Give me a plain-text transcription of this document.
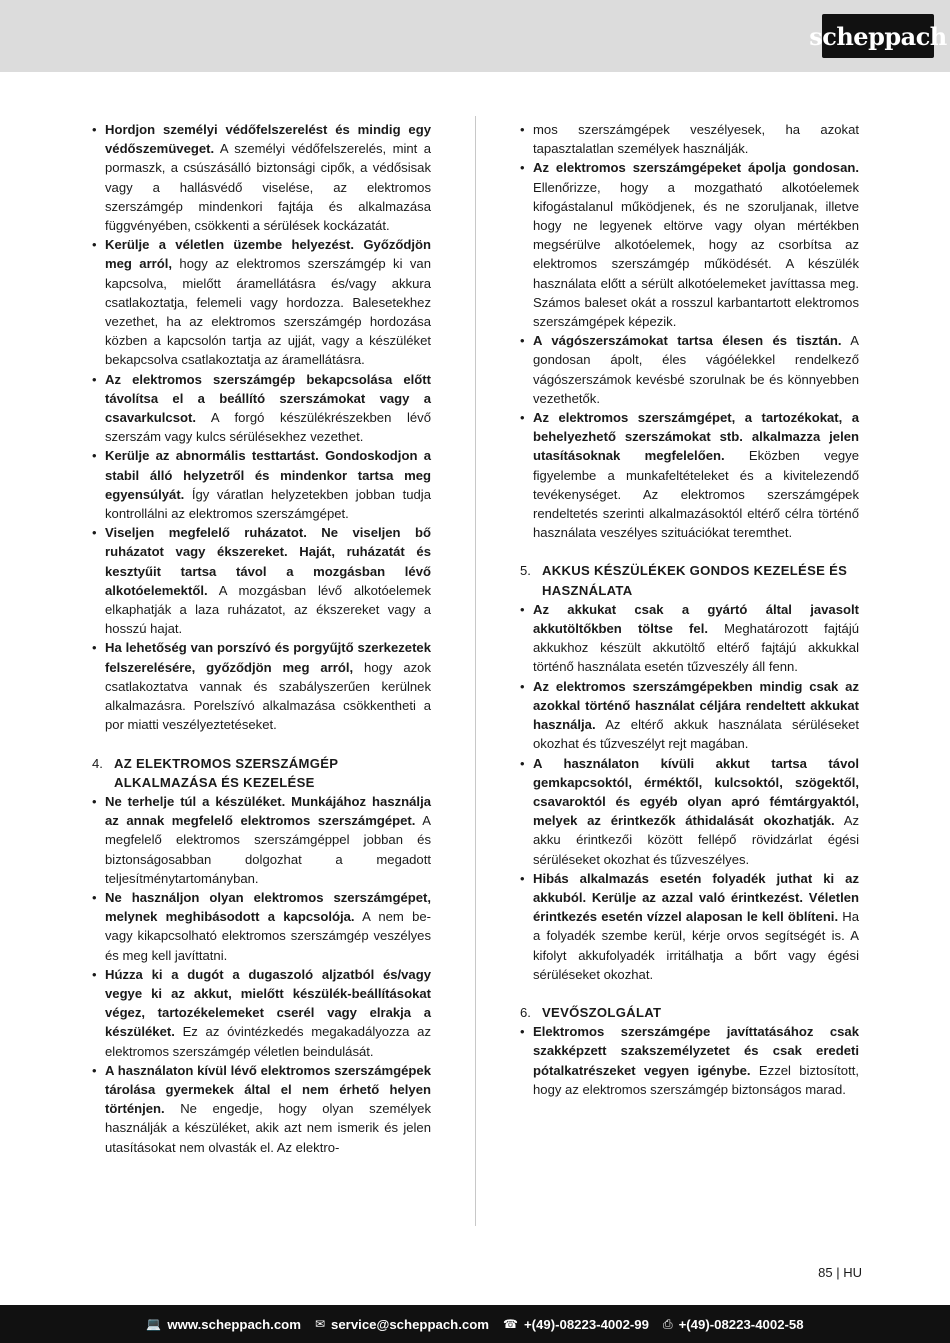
scheppach

• Hordjon személyi védőfelszerelést és mindig egy védőszemüveget. A személyi védőfelszerelés, mint a pormaszk, a csúszásálló biztonsági cipők, a védősisak vagy a hallásvédő viselése, az elektromos szerszámgép mindenkori fajtája és alkalmazása függvényében, csökkenti a sérülések kockázatát.

• Kerülje a véletlen üzembe helyezést. Győződjön meg arról, hogy az elektromos szerszámgép ki van kapcsolva, mielőtt áramellátásra és/vagy akkura csatlakoztatja, felemeli vagy hordozza. Balesetekhez vezethet, ha az elektromos szerszámgép hordozása közben a kapcsolón tartja az ujját, vagy a készüléket bekapcsolva csatlakoztatja az áramellátásra.

• Az elektromos szerszámgép bekapcsolása előtt távolítsa el a beállító szerszámokat vagy a csavarkulcsot. A forgó készülékrészekben lévő szerszám vagy kulcs sérülésekhez vezethet.

• Kerülje az abnormális testtartást. Gondoskodjon a stabil álló helyzetről és mindenkor tartsa meg egyensúlyát. Így váratlan helyzetekben jobban tudja kontrollálni az elektromos szerszámgépet.

• Viseljen megfelelő ruházatot. Ne viseljen bő ruházatot vagy ékszereket. Haját, ruházatát és kesztyűit tartsa távol a mozgásban lévő alkotóelemektől. A mozgásban lévő alkotóelemek elkaphatják a laza ruházatot, az ékszereket vagy a hosszú hajat.

• Ha lehetőség van porszívó és porgyűjtő szerkezetek felszerelésére, győződjön meg arról, hogy azok csatlakoztatva vannak és szabályszerűen kerülnek alkalmazásra. Porelszívó alkalmazása csökkentheti a por miatti veszélyeztetéseket.

4. AZ ELEKTROMOS SZERSZÁMGÉP ALKALMAZÁSA ÉS KEZELÉSE

• Ne terhelje túl a készüléket. Munkájához használja az annak megfelelő elektromos szerszámgépet. A megfelelő elektromos szerszámgéppel jobban és biztonságosabban dolgozhat a megadott teljesítménytartományban.

• Ne használjon olyan elektromos szerszámgépet, melynek meghibásodott a kapcsolója. A nem be- vagy kikapcsolható elektromos szerszámgép veszélyes és meg kell javíttatni.

• Húzza ki a dugót a dugaszoló aljzatból és/vagy vegye ki az akkut, mielőtt készülék-beállításokat végez, tartozékelemeket cserél vagy elrakja a készüléket. Ez az óvintézkedés megakadályozza az elektromos szerszámgép véletlen beindulását.

• A használaton kívül lévő elektromos szerszámgépek tárolása gyermekek által el nem érhető helyen történjen. Ne engedje, hogy olyan személyek használják a készüléket, akik azt nem ismerik és jelen utasításokat nem olvasták el. Az elektro-

• mos szerszámgépek veszélyesek, ha azokat tapasztalatlan személyek használják.

• Az elektromos szerszámgépeket ápolja gondosan. Ellenőrizze, hogy a mozgatható alkotóelemek kifogástalanul működjenek, és ne szoruljanak, illetve hogy ne legyenek eltörve vagy olyan mértékben megsérülve alkotóelemek, hogy az csorbítsa az elektromos szerszámgép működését. A készülék használata előtt a sérült alkotóelemeket javíttassa meg. Számos baleset okát a rosszul karbantartott elektromos szerszámgépek képezik.

• A vágószerszámokat tartsa élesen és tisztán. A gondosan ápolt, éles vágóélekkel rendelkező vágószerszámok kevésbé szorulnak be és könnyebben vezethetők.

• Az elektromos szerszámgépet, a tartozékokat, a behelyezhető szerszámokat stb. alkalmazza jelen utasításoknak megfelelően. Eközben vegye figyelembe a munkafeltételeket és a kivitelezendő tevékenységet. Az elektromos szerszámgépek rendeltetés szerinti alkalmazásoktól eltérő célra történő használata veszélyes szituációkat teremthet.

5. AKKUS KÉSZÜLÉKEK GONDOS KEZELÉSE ÉS HASZNÁLATA

• Az akkukat csak a gyártó által javasolt akkutöltőkben töltse fel. Meghatározott fajtájú akkukhoz készült akkutöltő eltérő fajtájú akkukkal történő használata esetén tűzveszély áll fenn.

• Az elektromos szerszámgépekben mindig csak az azokkal történő használat céljára rendeltett akkukat használja. Az eltérő akkuk használata sérüléseket okozhat és tűzveszélyt rejt magában.

• A használaton kívüli akkut tartsa távol gemkapcsoktól, érméktől, kulcsoktól, szögektől, csavaroktól és egyéb olyan apró fémtárgyaktól, melyek az érintkezők áthidalását okozhatják. Az akku érintkezői között fellépő rövidzárlat égési sérüléseket okozhat és tűzveszélyes.

• Hibás alkalmazás esetén folyadék juthat ki az akkuból. Kerülje az azzal való érintkezést. Véletlen érintkezés esetén vízzel alaposan le kell öblíteni. Ha a folyadék szembe kerül, kérje orvos segítségét is. A kifolyt akkufolyadék irritálhatja a bőrt vagy égési sérüléseket okozhat.

6. VEVŐSZOLGÁLAT

• Elektromos szerszámgépe javíttatásához csak szakképzett szakszemélyzetet és csak eredeti pótalkatrészeket vegyen igénybe. Ezzel biztosított, hogy az elektromos szerszámgép biztonságos marad.

85 | HU
💻 www.scheppach.com ✉ service@scheppach.com ☎ +(49)-08223-4002-99 ⎙ +(49)-08223-4002-58
